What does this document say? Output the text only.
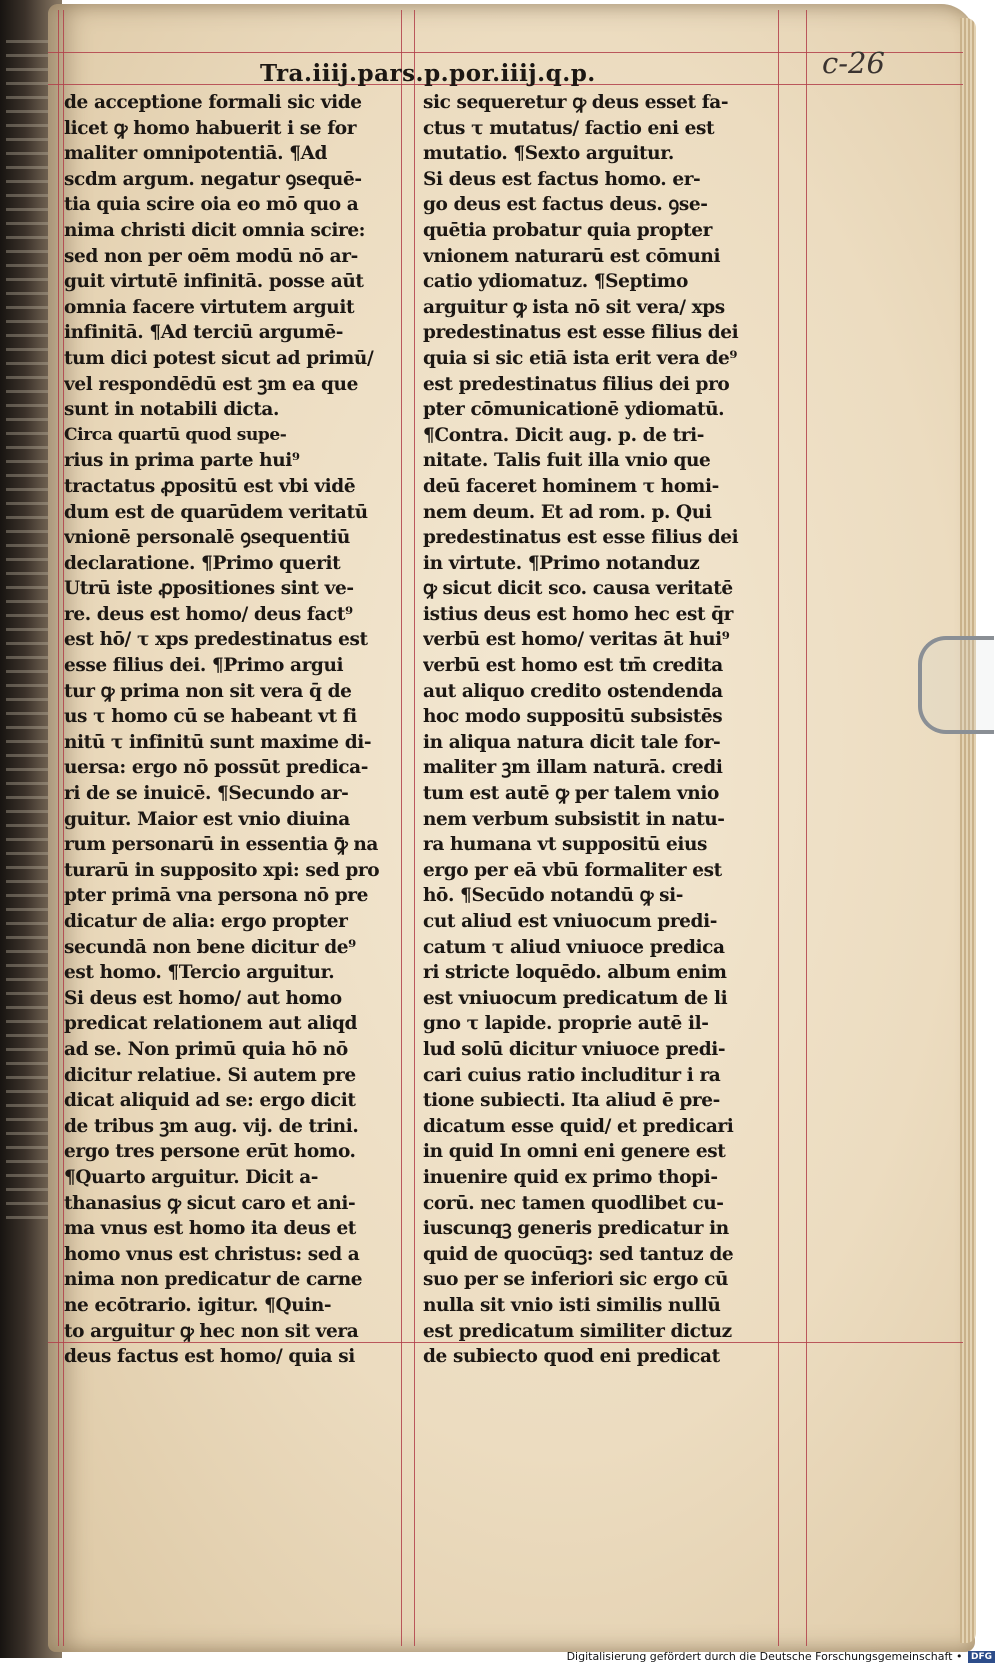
Tra.iiij.pars.p.por.iiij.q.p.	c-26
de acceptione formali sic vide
licet ꝙ homo habuerit i se for
maliter omnipotentiā. ¶Ad
scdm argum. negatur ꝯsequē-
tia quia scire oia eo mō quo a
nima christi dicit omnia scire:
sed non per oēm modū nō ar-
guit virtutē infinitā. posse aūt
omnia facere virtutem arguit
infinitā. ¶Ad terciū argumē-
tum dici potest sicut ad primū/
vel respondēdū est ꝫm ea que
sunt in notabili dicta.
Circa quartū quod supe-
rius in prima parte hui⁹
tractatus ꝓpositū est vbi vidē
dum est de quarūdem veritatū
vnionē personalē ꝯsequentiū
declaratione. ¶Primo querit
Utrū iste ꝓpositiones sint ve-
re. deus est homo/ deus fact⁹
est hō/ τ xps predestinatus est
esse filius dei. ¶Primo argui
tur ꝙ prima non sit vera q̄ de
us τ homo cū se habeant vt fi
nitū τ infinitū sunt maxime di-
uersa: ergo nō possūt predica-
ri de se inuicē. ¶Secundo ar-
guitur. Maior est vnio diuina
rum personarū in essentia ꝙ̄ na
turarū in supposito xpi: sed pro
pter primā vna persona nō pre
dicatur de alia: ergo propter
secundā non bene dicitur de⁹
est homo. ¶Tercio arguitur.
Si deus est homo/ aut homo
predicat relationem aut aliqd
ad se. Non primū quia hō nō
dicitur relatiue. Si autem pre
dicat aliquid ad se: ergo dicit
de tribus ꝫm aug. vij. de trini.
ergo tres persone erūt homo.
¶Quarto arguitur. Dicit a-
thanasius ꝙ sicut caro et ani-
ma vnus est homo ita deus et
homo vnus est christus: sed a
nima non predicatur de carne
ne ecōtrario. igitur. ¶Quin-
to arguitur ꝙ hec non sit vera
deus factus est homo/ quia si
sic sequeretur ꝙ deus esset fa-
ctus τ mutatus/ factio eni est
mutatio. ¶Sexto arguitur.
Si deus est factus homo. er-
go deus est factus deus. ꝯse-
quētia probatur quia propter
vnionem naturarū est cōmuni
catio ydiomatuz. ¶Septimo
arguitur ꝙ ista nō sit vera/ xps
predestinatus est esse filius dei
quia si sic etiā ista erit vera de⁹
est predestinatus filius dei pro
pter cōmunicationē ydiomatū.
¶Contra. Dicit aug. p. de tri-
nitate. Talis fuit illa vnio que
deū faceret hominem τ homi-
nem deum. Et ad rom. p. Qui
predestinatus est esse filius dei
in virtute. ¶Primo notanduz
ꝙ sicut dicit sco. causa veritatē
istius deus est homo hec est q̄r
verbū est homo/ veritas āt hui⁹
verbū est homo est tm̄ credita
aut aliquo credito ostendenda
hoc modo suppositū subsistēs
in aliqua natura dicit tale for-
maliter ꝫm illam naturā. credi
tum est autē ꝙ per talem vnio
nem verbum subsistit in natu-
ra humana vt suppositū eius
ergo per eā vbū formaliter est
hō. ¶Secūdo notandū ꝙ si-
cut aliud est vniuocum predi-
catum τ aliud vniuoce predica
ri stricte loquēdo. album enim
est vniuocum predicatum de li
gno τ lapide. proprie autē il-
lud solū dicitur vniuoce predi-
cari cuius ratio includitur i ra
tione subiecti. Ita aliud ē pre-
dicatum esse quid/ et predicari
in quid In omni eni genere est
inuenire quid ex primo thopi-
corū. nec tamen quodlibet cu-
iuscunqꝫ generis predicatur in
quid de quocūqꝫ: sed tantuz de
suo per se inferiori sic ergo cū
nulla sit vnio isti similis nullū
est predicatum similiter dictuz
de subiecto quod eni predicat
Digitalisierung gefördert durch die Deutsche Forschungsgemeinschaft • DFG
